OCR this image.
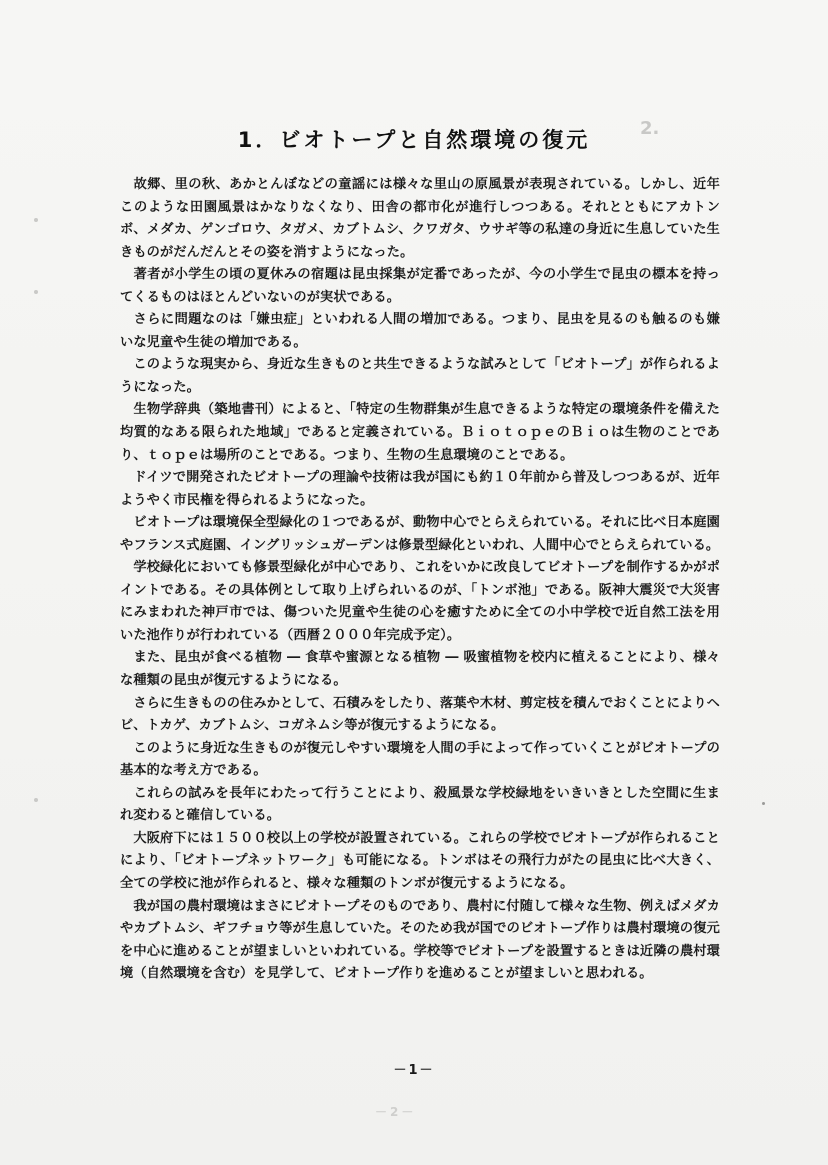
2.
1．ビオトープと自然環境の復元

　故郷、里の秋、あかとんぼなどの童謡には様々な里山の原風景が表現されている。しかし、近年このような田園風景はかなりなくなり、田舎の都市化が進行しつつある。それとともにアカトンボ、メダカ、ゲンゴロウ、タガメ、カブトムシ、クワガタ、ウサギ等の私達の身近に生息していた生きものがだんだんとその姿を消すようになった。

　著者が小学生の頃の夏休みの宿題は昆虫採集が定番であったが、今の小学生で昆虫の標本を持ってくるものはほとんどいないのが実状である。

　さらに問題なのは「嫌虫症」といわれる人間の増加である。つまり、昆虫を見るのも触るのも嫌いな児童や生徒の増加である。

　このような現実から、身近な生きものと共生できるような試みとして「ビオトープ」が作られるようになった。

　生物学辞典（築地書刊）によると、「特定の生物群集が生息できるような特定の環境条件を備えた均質的なある限られた地域」であると定義されている。ＢｉｏｔｏｐｅのＢｉｏは生物のことであり、ｔｏｐｅは場所のことである。つまり、生物の生息環境のことである。

　ドイツで開発されたビオトープの理論や技術は我が国にも約１０年前から普及しつつあるが、近年ようやく市民権を得られるようになった。

　ビオトープは環境保全型緑化の１つであるが、動物中心でとらえられている。それに比べ日本庭園やフランス式庭園、イングリッシュガーデンは修景型緑化といわれ、人間中心でとらえられている。

　学校緑化においても修景型緑化が中心であり、これをいかに改良してビオトープを制作するかがポイントである。その具体例として取り上げられいるのが、「トンボ池」である。阪神大震災で大災害にみまわれた神戸市では、傷ついた児童や生徒の心を癒すために全ての小中学校で近自然工法を用いた池作りが行われている（西暦２０００年完成予定）。

　また、昆虫が食べる植物 ― 食草や蜜源となる植物 ― 吸蜜植物を校内に植えることにより、様々な種類の昆虫が復元するようになる。

　さらに生きものの住みかとして、石積みをしたり、落葉や木材、剪定枝を積んでおくことによりヘビ、トカゲ、カブトムシ、コガネムシ等が復元するようになる。

　このように身近な生きものが復元しやすい環境を人間の手によって作っていくことがビオトープの基本的な考え方である。

　これらの試みを長年にわたって行うことにより、殺風景な学校緑地をいきいきとした空間に生まれ変わると確信している。

　大阪府下には１５００校以上の学校が設置されている。これらの学校でビオトープが作られることにより、「ビオトープネットワーク」も可能になる。トンボはその飛行力がたの昆虫に比べ大きく、全ての学校に池が作られると、様々な種類のトンボが復元するようになる。

　我が国の農村環境はまさにビオトープそのものであり、農村に付随して様々な生物、例えばメダカやカブトムシ、ギフチョウ等が生息していた。そのため我が国でのビオトープ作りは農村環境の復元を中心に進めることが望ましいといわれている。学校等でビオトープを設置するときは近隣の農村環境（自然環境を含む）を見学して、ビオトープ作りを進めることが望ましいと思われる。

－1－
－2－
